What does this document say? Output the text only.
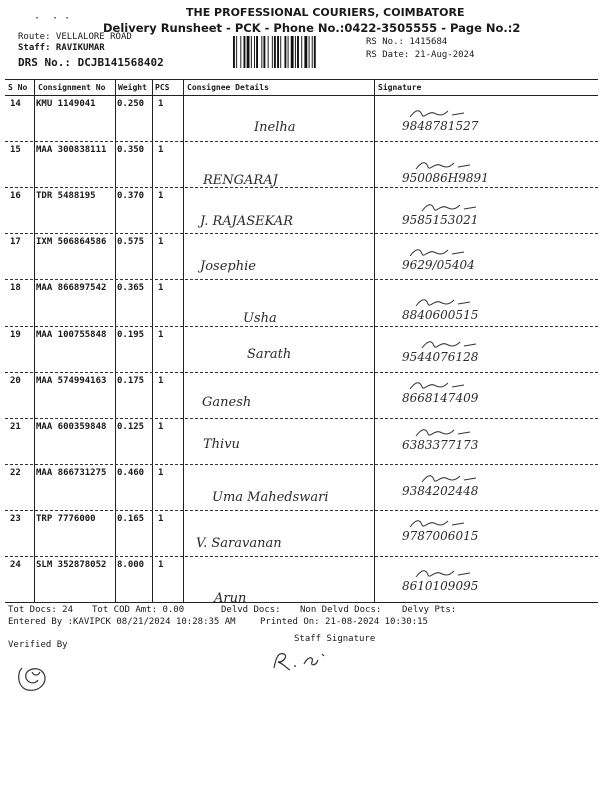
THE PROFESSIONAL COURIERS, COIMBATORE
·  · ·
Delivery Runsheet - PCK - Phone No.:0422-3505555 - Page No.:2
Route: VELLALORE ROAD
Staff: RAVIKUMAR
DRS No.: DCJB141568402
RS No.: 1415684
RS Date: 21-Aug-2024
S No Consignment No Weight PCS Consignee Details	Signature
14 KMU 1149041 0.250 1
Inelha	9848781527
15 MAA 300838111 0.350 1
RENGARAJ	950086H9891
16 TDR 5488195 0.370 1
J. RAJASEKAR	9585153021
17 IXM 506864586 0.575 1
Josephie	9629/05404
18 MAA 866897542 0.365 1
Usha	8840600515
19 MAA 100755848 0.195 1
Sarath	9544076128
20 MAA 574994163 0.175 1
Ganesh	8668147409
21 MAA 600359848 0.125 1
Thivu	6383377173
22 MAA 866731275 0.460 1
Uma Mahedswari	9384202448
23 TRP 7776000 0.165 1
V. Saravanan	9787006015
24 SLM 352878052 8.000 1
Arun
8610109095
Tot Docs: 24 Tot COD Amt: 0.00	Delvd Docs: Non Delvd Docs: Delvy Pts:
Entered By :KAVIPCK 08/21/2024 10:28:35 AM	Printed On: 21-08-2024 10:30:15
Verified By
Staff Signature
